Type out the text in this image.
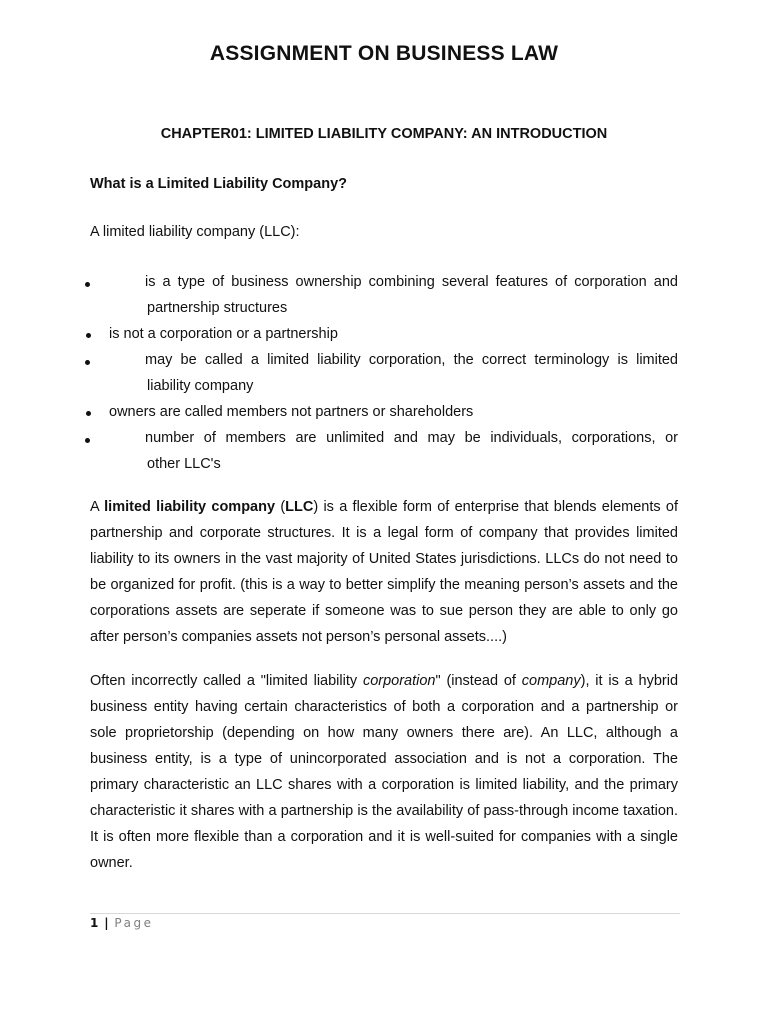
ASSIGNMENT ON BUSINESS LAW
CHAPTER01: LIMITED LIABILITY COMPANY: AN INTRODUCTION
What is a Limited Liability Company?
A limited liability company (LLC):
is a type of business ownership combining several features of corporation and
partnership structures
is not a corporation or a partnership
may be called a limited liability corporation, the correct terminology is limited
liability company
owners are called members not partners or shareholders
number of members are unlimited and may be individuals, corporations, or
other LLC's
A limited liability company (LLC) is a flexible form of enterprise that blends elements of partnership and corporate structures. It is a legal form of company that provides limited liability to its owners in the vast majority of United States jurisdictions. LLCs do not need to be organized for profit. (this is a way to better simplify the meaning person’s assets and the corporations assets are seperate if someone was to sue person they are able to only go after person’s companies assets not person’s personal assets....)
Often incorrectly called a "limited liability corporation" (instead of company), it is a hybrid business entity having certain characteristics of both a corporation and a partnership or sole proprietorship (depending on how many owners there are). An LLC, although a business entity, is a type of unincorporated association and is not a corporation. The primary characteristic an LLC shares with a corporation is limited liability, and the primary characteristic it shares with a partnership is the availability of pass-through income taxation. It is often more flexible than a corporation and it is well-suited for companies with a single owner.
1 | Page
